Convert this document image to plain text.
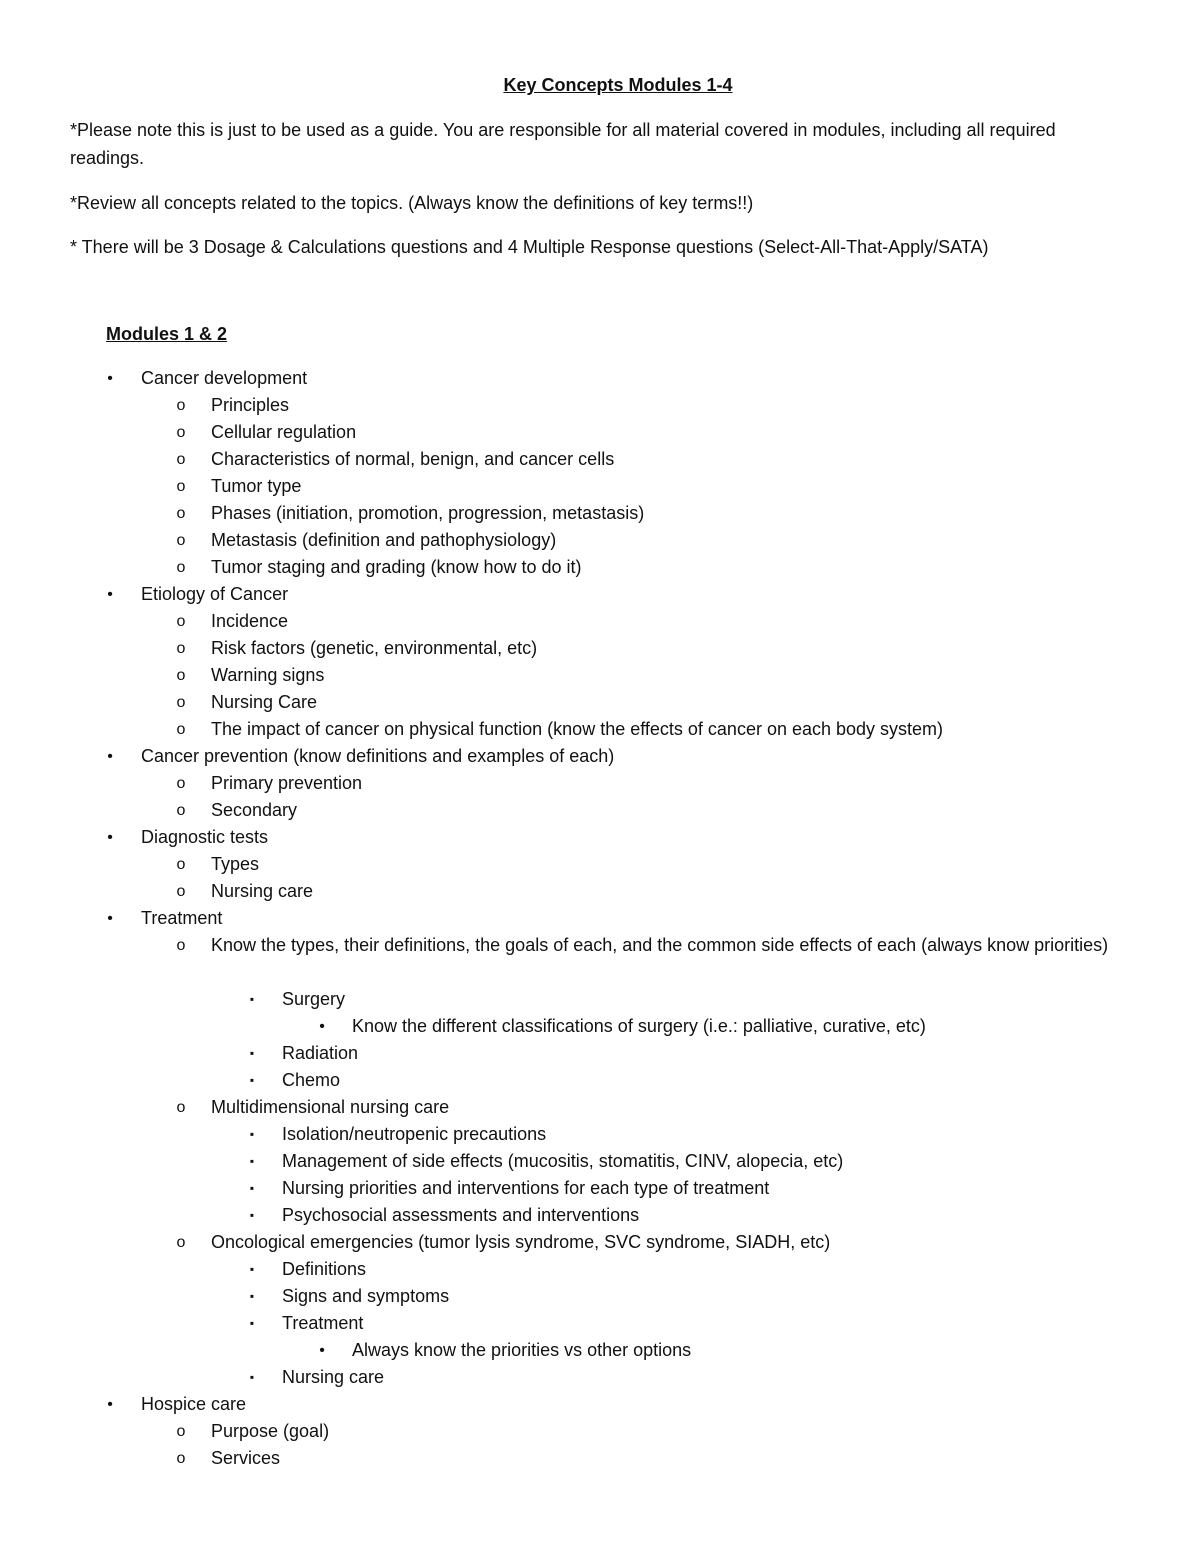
Key Concepts Modules 1-4
*Please note this is just to be used as a guide. You are responsible for all material covered in modules, including all required readings.
*Review all concepts related to the topics. (Always know the definitions of key terms!!)
* There will be 3 Dosage & Calculations questions and 4 Multiple Response questions (Select-All-That-Apply/SATA)
Modules 1 & 2
•	Cancer development
o	Principles
o	Cellular regulation
o	Characteristics of normal, benign, and cancer cells
o	Tumor type
o	Phases (initiation, promotion, progression, metastasis)
o	Metastasis (definition and pathophysiology)
o	Tumor staging and grading (know how to do it)
•	Etiology of Cancer
o	Incidence
o	Risk factors (genetic, environmental, etc)
o	Warning signs
o	Nursing Care
o	The impact of cancer on physical function (know the effects of cancer on each body system)
•	Cancer prevention (know definitions and examples of each)
o	Primary prevention
o	Secondary
•	Diagnostic tests
o	Types
o	Nursing care
•	Treatment
o	Know the types, their definitions, the goals of each, and the common side effects of each (always know priorities)
▪	Surgery
•	Know the different classifications of surgery (i.e.: palliative, curative, etc)
▪	Radiation
▪	Chemo
o	Multidimensional nursing care
▪	Isolation/neutropenic precautions
▪	Management of side effects (mucositis, stomatitis, CINV, alopecia, etc)
▪	Nursing priorities and interventions for each type of treatment
▪	Psychosocial assessments and interventions
o	Oncological emergencies (tumor lysis syndrome, SVC syndrome, SIADH, etc)
▪	Definitions
▪	Signs and symptoms
▪	Treatment
•	Always know the priorities vs other options
▪	Nursing care
•	Hospice care
o	Purpose (goal)
o	Services
